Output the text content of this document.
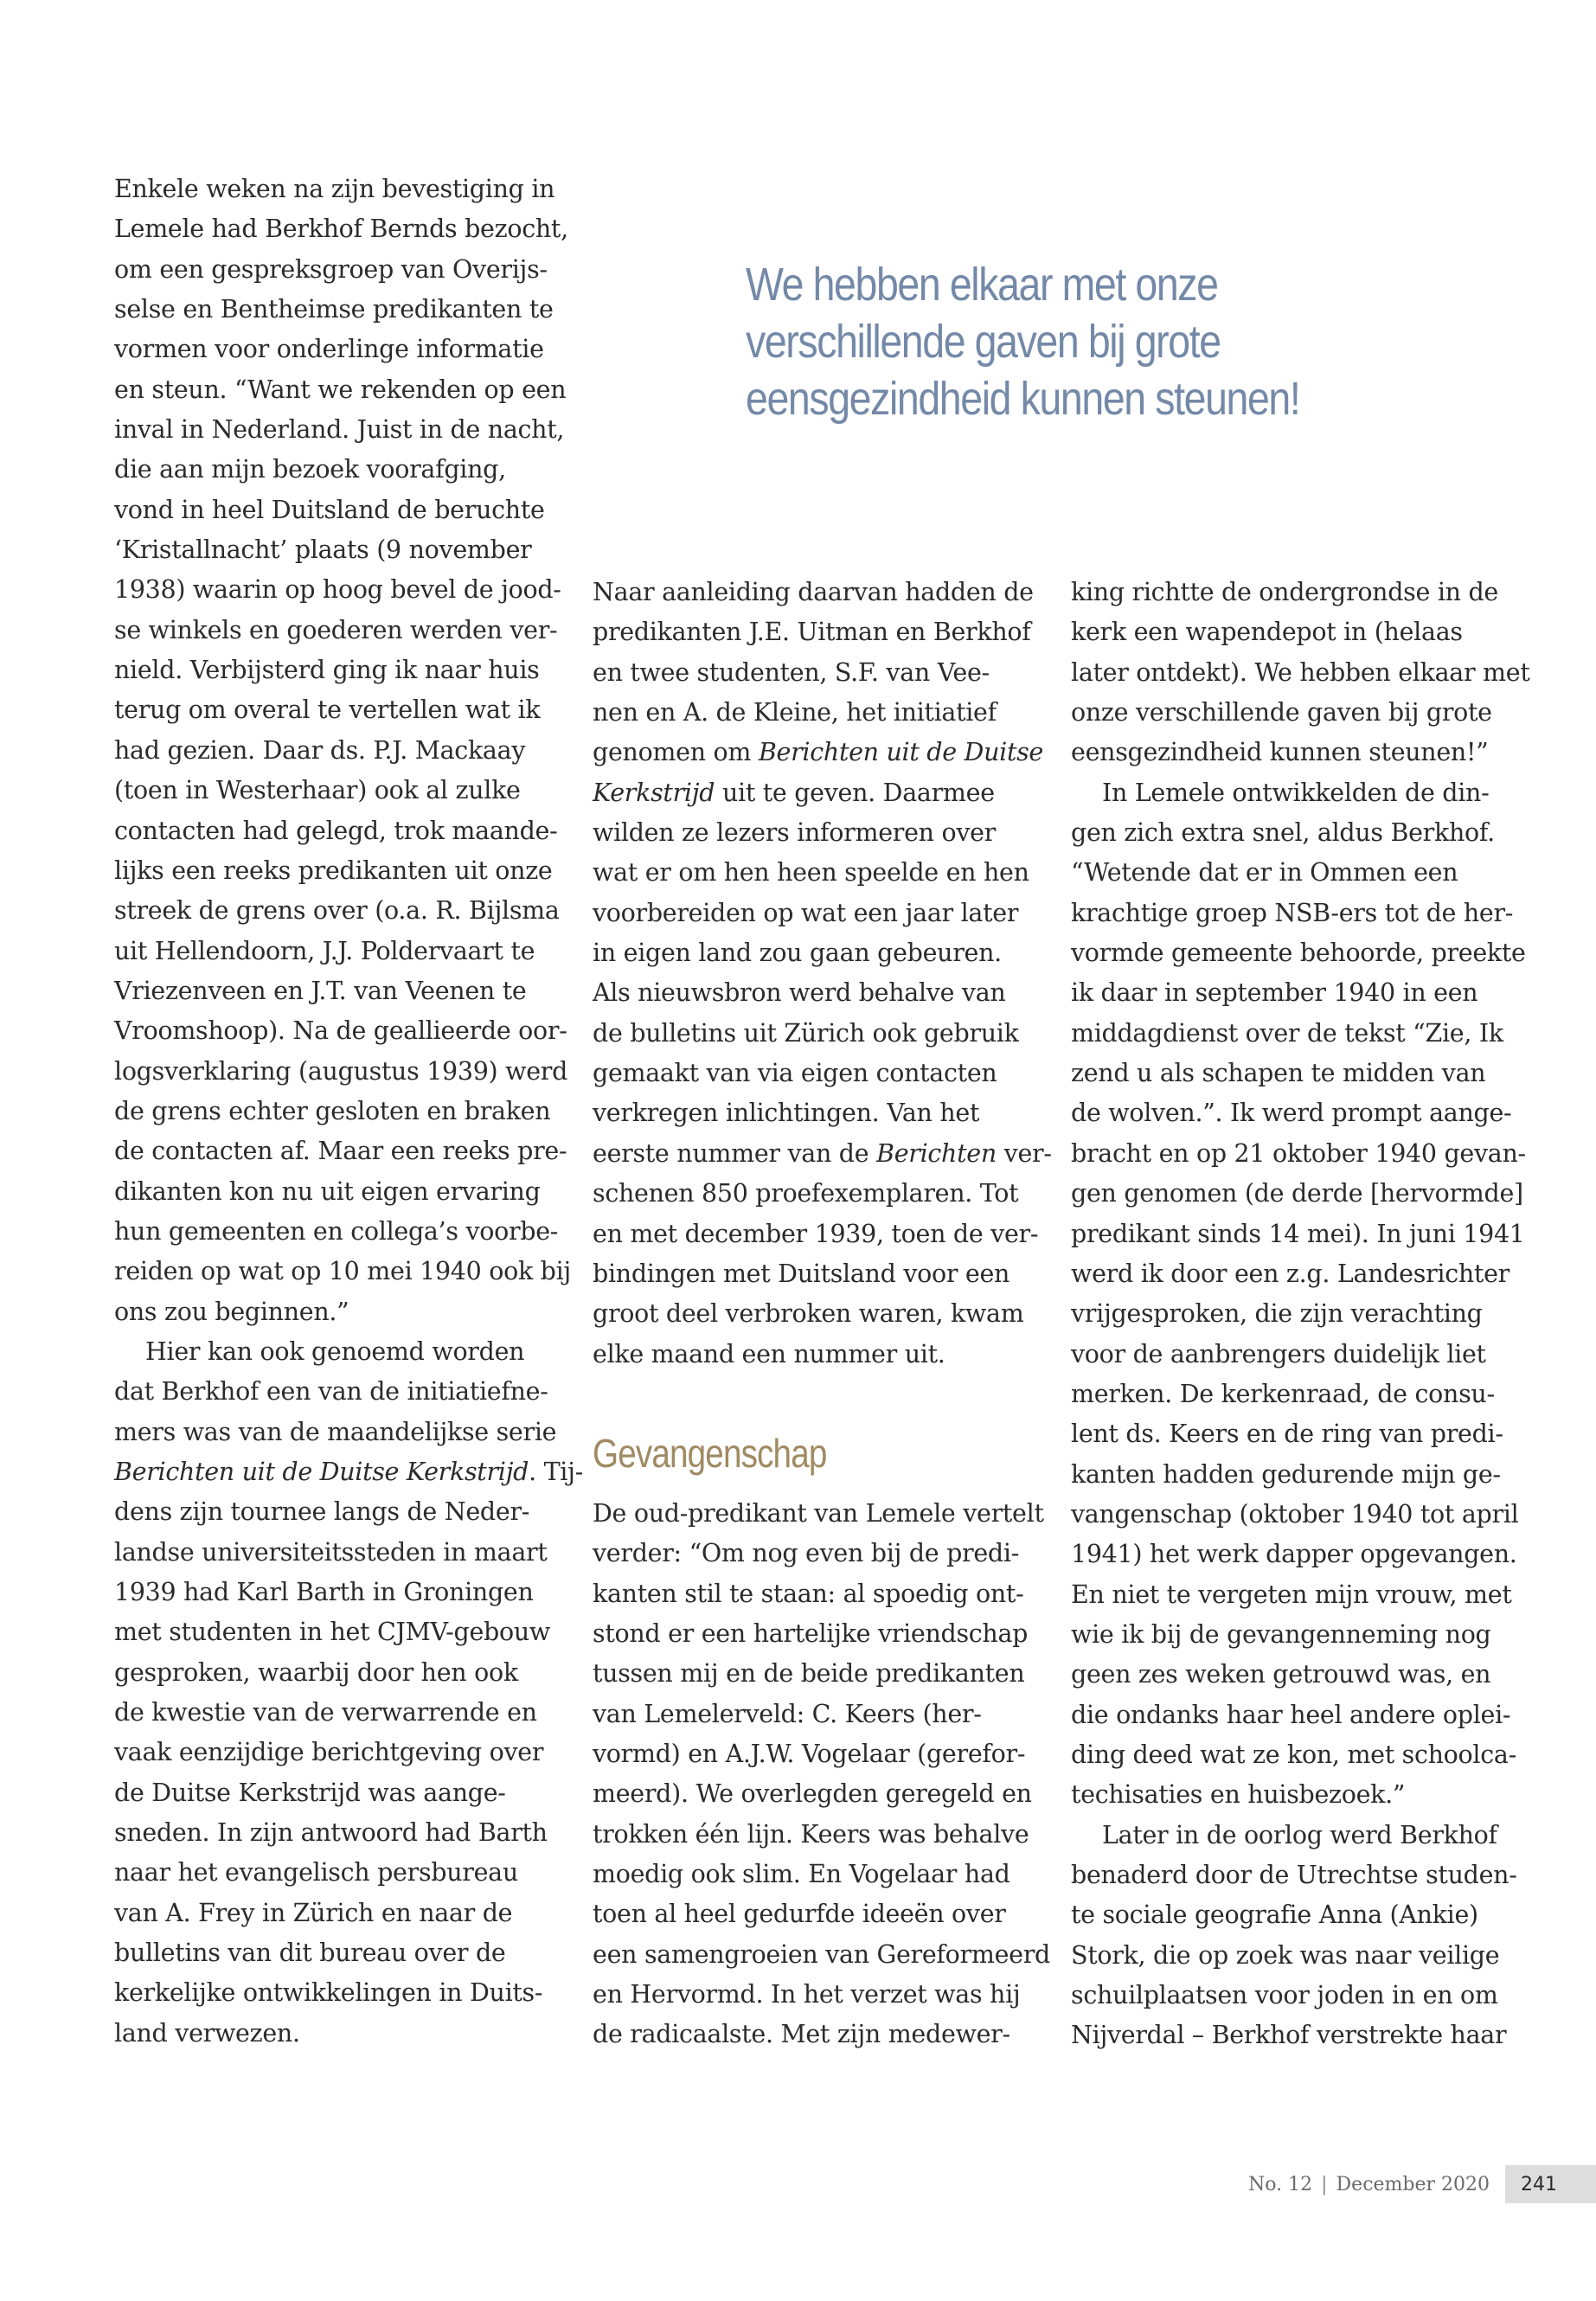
Enkele weken na zijn bevestiging in
Lemele had Berkhof Bernds bezocht,
om een gespreksgroep van Overijs-
selse en Bentheimse predikanten te
vormen voor onderlinge informatie
en steun. “Want we rekenden op een
inval in Nederland. Juist in de nacht,
die aan mijn bezoek voorafging,
vond in heel Duitsland de beruchte
‘Kristallnacht’ plaats (9 november
1938) waarin op hoog bevel de jood-
se winkels en goederen werden ver-
nield. Verbijsterd ging ik naar huis
terug om overal te vertellen wat ik
had gezien. Daar ds. P.J. Mackaay
(toen in Westerhaar) ook al zulke
contacten had gelegd, trok maande-
lijks een reeks predikanten uit onze
streek de grens over (o.a. R. Bijlsma
uit Hellendoorn, J.J. Poldervaart te
Vriezenveen en J.T. van Veenen te
Vroomshoop). Na de geallieerde oor-
logsverklaring (augustus 1939) werd
de grens echter gesloten en braken
de contacten af. Maar een reeks pre-
dikanten kon nu uit eigen ervaring
hun gemeenten en collega’s voorbe-
reiden op wat op 10 mei 1940 ook bij
ons zou beginnen.”

Hier kan ook genoemd worden
dat Berkhof een van de initiatiefne-
mers was van de maandelijkse serie
Berichten uit de Duitse Kerkstrijd. Tij-
dens zijn tournee langs de Neder-
landse universiteitssteden in maart
1939 had Karl Barth in Groningen
met studenten in het CJMV-gebouw
gesproken, waarbij door hen ook
de kwestie van de verwarrende en
vaak eenzijdige berichtgeving over
de Duitse Kerkstrijd was aange-
sneden. In zijn antwoord had Barth
naar het evangelisch persbureau
van A. Frey in Zürich en naar de
bulletins van dit bureau over de
kerkelijke ontwikkelingen in Duits-
land verwezen.

We hebben elkaar met onze
verschillende gaven bij grote
eensgezindheid kunnen steunen!

Naar aanleiding daarvan hadden de
predikanten J.E. Uitman en Berkhof
en twee studenten, S.F. van Vee-
nen en A. de Kleine, het initiatief
genomen om Berichten uit de Duitse
Kerkstrijd uit te geven. Daarmee
wilden ze lezers informeren over
wat er om hen heen speelde en hen
voorbereiden op wat een jaar later
in eigen land zou gaan gebeuren.
Als nieuwsbron werd behalve van
de bulletins uit Zürich ook gebruik
gemaakt van via eigen contacten
verkregen inlichtingen. Van het
eerste nummer van de Berichten ver-
schenen 850 proefexemplaren. Tot
en met december 1939, toen de ver-
bindingen met Duitsland voor een
groot deel verbroken waren, kwam
elke maand een nummer uit.

De oud-predikant van Lemele vertelt
verder: “Om nog even bij de predi-
kanten stil te staan: al spoedig ont-
stond er een hartelijke vriendschap
tussen mij en de beide predikanten
van Lemelerveld: C. Keers (her-
vormd) en A.J.W. Vogelaar (gerefor-
meerd). We overlegden geregeld en
trokken één lijn. Keers was behalve
moedig ook slim. En Vogelaar had
toen al heel gedurfde ideeën over
een samengroeien van Gereformeerd
en Hervormd. In het verzet was hij
de radicaalste. Met zijn medewer-

Gevangenschap

king richtte de ondergrondse in de
kerk een wapendepot in (helaas
later ontdekt). We hebben elkaar met
onze verschillende gaven bij grote
eensgezindheid kunnen steunen!”

In Lemele ontwikkelden de din-
gen zich extra snel, aldus Berkhof.
“Wetende dat er in Ommen een
krachtige groep NSB-ers tot de her-
vormde gemeente behoorde, preekte
ik daar in september 1940 in een
middagdienst over de tekst “Zie, Ik
zend u als schapen te midden van
de wolven.”. Ik werd prompt aange-
bracht en op 21 oktober 1940 gevan-
gen genomen (de derde [hervormde]
predikant sinds 14 mei). In juni 1941
werd ik door een z.g. Landesrichter
vrijgesproken, die zijn verachting
voor de aanbrengers duidelijk liet
merken. De kerkenraad, de consu-
lent ds. Keers en de ring van predi-
kanten hadden gedurende mijn ge-
vangenschap (oktober 1940 tot april
1941) het werk dapper opgevangen.
En niet te vergeten mijn vrouw, met
wie ik bij de gevangenneming nog
geen zes weken getrouwd was, en
die ondanks haar heel andere oplei-
ding deed wat ze kon, met schoolca-
techisaties en huisbezoek.”

Later in de oorlog werd Berkhof
benaderd door de Utrechtse studen-
te sociale geografie Anna (Ankie)
Stork, die op zoek was naar veilige
schuilplaatsen voor joden in en om
Nijverdal – Berkhof verstrekte haar

No. 12 | December 2020	241
